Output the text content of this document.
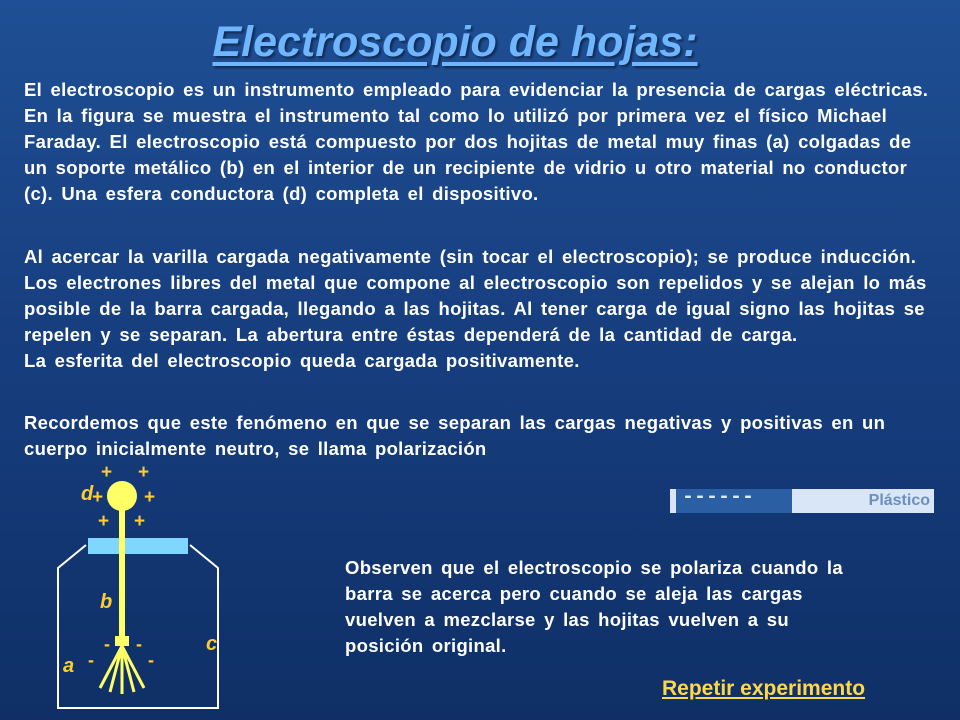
Electroscopio de hojas:
El electroscopio es un instrumento empleado para evidenciar la presencia de cargas eléctricas. En la figura se muestra el instrumento tal como lo utilizó por primera vez el físico Michael Faraday. El electroscopio está compuesto por dos hojitas de metal muy finas (a) colgadas de un soporte metálico (b) en el interior de un recipiente de vidrio u otro material no conductor (c). Una esfera conductora (d) completa el dispositivo.
Al acercar la varilla cargada negativamente (sin tocar el electroscopio); se produce inducción. Los electrones libres del metal que compone al electroscopio son repelidos y se alejan lo más posible de la barra cargada, llegando a las hojitas. Al tener carga de igual signo las hojitas se repelen y se separan. La abertura entre éstas dependerá de la cantidad de carga.
La esferita del electroscopio queda cargada positivamente.
Recordemos que este fenómeno en que se separan las cargas negativas y positivas en un cuerpo inicialmente neutro, se llama polarización
+ +
+ +
+ +
-
-
-
-
d
b
c
a
------	Plástico
Observen que el electroscopio se polariza cuando la barra se acerca pero cuando se aleja las cargas vuelven a mezclarse y las hojitas vuelven a su posición original.
Repetir experimento
